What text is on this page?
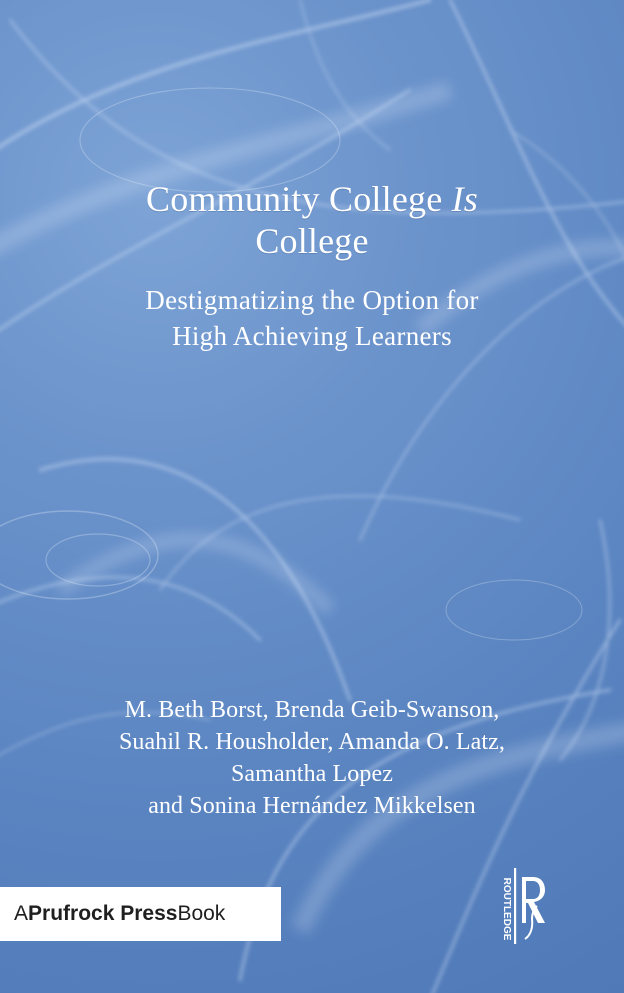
Community College Is
College
Destigmatizing the Option for
High Achieving Learners
M. Beth Borst, Brenda Geib-Swanson,
Suahil R. Housholder, Amanda O. Latz,
Samantha Lopez
and Sonina Hernández Mikkelsen
A Prufrock Press Book	ROUTLEDGE
